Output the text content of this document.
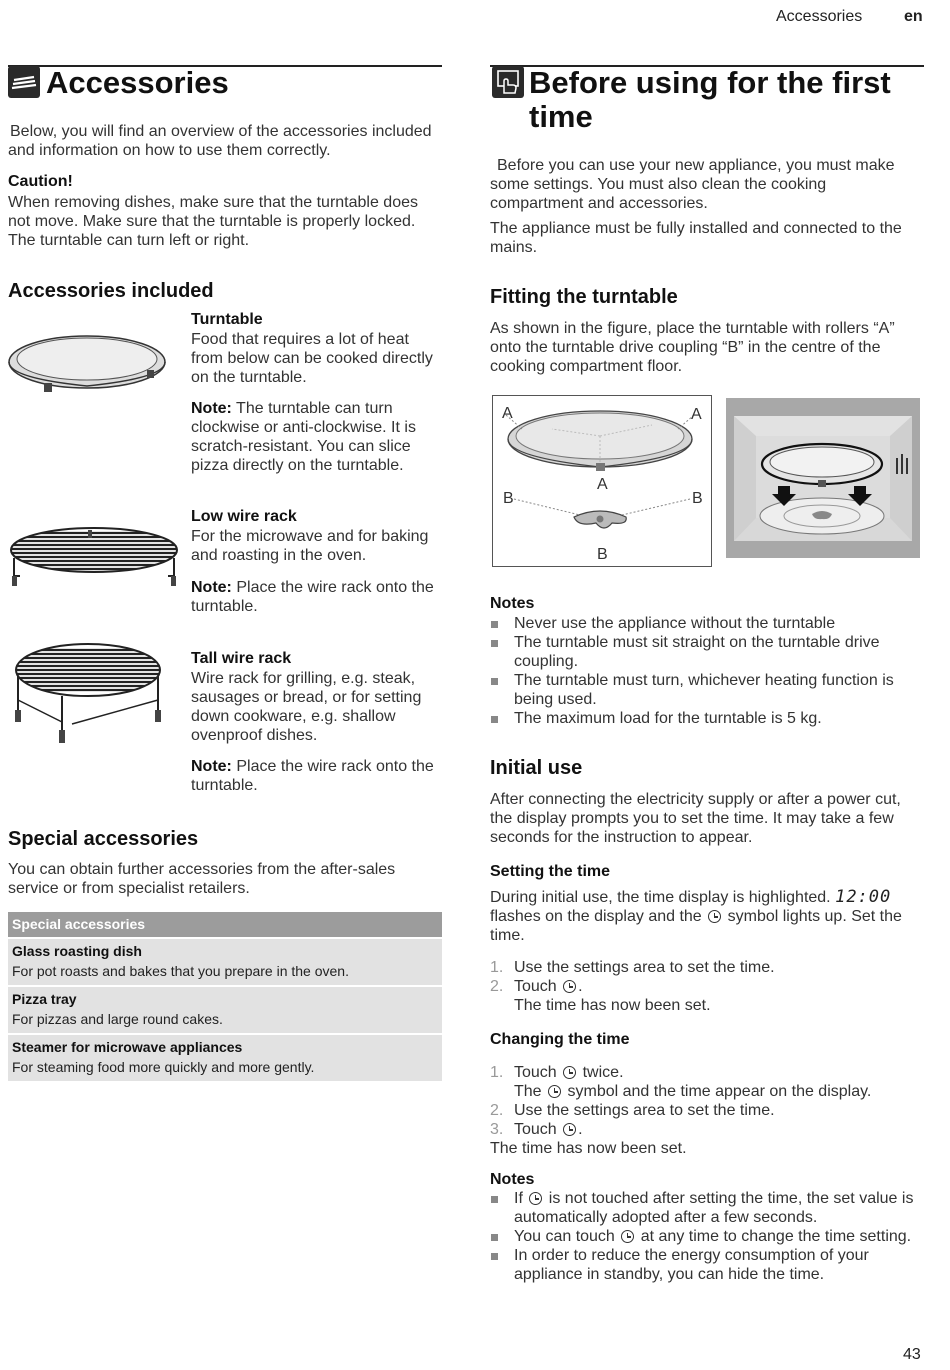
Accessories	en
Accessories
Below, you will find an overview of the accessories included and information on how to use them correctly.
Caution!
When removing dishes, make sure that the turntable does not move. Make sure that the turntable is properly locked. The turntable can turn left or right.
Accessories included
Turntable
Food that requires a lot of heat from below can be cooked directly on the turntable.
Note: The turntable can turn clockwise or anti-clockwise. It is scratch-resistant. You can slice pizza directly on the turntable.
Low wire rack
For the microwave and for baking and roasting in the oven.
Note: Place the wire rack onto the turntable.
Tall wire rack
Wire rack for grilling, e.g. steak, sausages or bread, or for setting down cookware, e.g. shallow ovenproof dishes.
Note: Place the wire rack onto the turntable.
Special accessories
You can obtain further accessories from the after-sales service or from specialist retailers.
Special accessories
Glass roasting dish
For pot roasts and bakes that you prepare in the oven.
Pizza tray
For pizzas and large round cakes.
Steamer for microwave appliances
For steaming food more quickly and more gently.
Before using for the first
time
Before you can use your new appliance, you must make some settings. You must also clean the cooking compartment and accessories.
The appliance must be fully installed and connected to the mains.
Fitting the turntable
As shown in the figure, place the turntable with rollers “A” onto the turntable drive coupling “B” in the centre of the cooking compartment floor.
A	A
A
B	B
B
Notes
Never use the appliance without the turntable
The turntable must sit straight on the turntable drive coupling.
The turntable must turn, whichever heating function is being used.
The maximum load for the turntable is 5 kg.
Initial use
After connecting the electricity supply or after a power cut, the display prompts you to set the time. It may take a few seconds for the instruction to appear.
Setting the time
During initial use, the time display is highlighted. 12:00 flashes on the display and the symbol lights up. Set the time.
1. Use the settings area to set the time.
2. Touch .
The time has now been set.
Changing the time
1. Touch twice.
The symbol and the time appear on the display.
2. Use the settings area to set the time.
3. Touch .
The time has now been set.
Notes
If is not touched after setting the time, the set value is automatically adopted after a few seconds.
You can touch at any time to change the time setting.
In order to reduce the energy consumption of your appliance in standby, you can hide the time.
43
